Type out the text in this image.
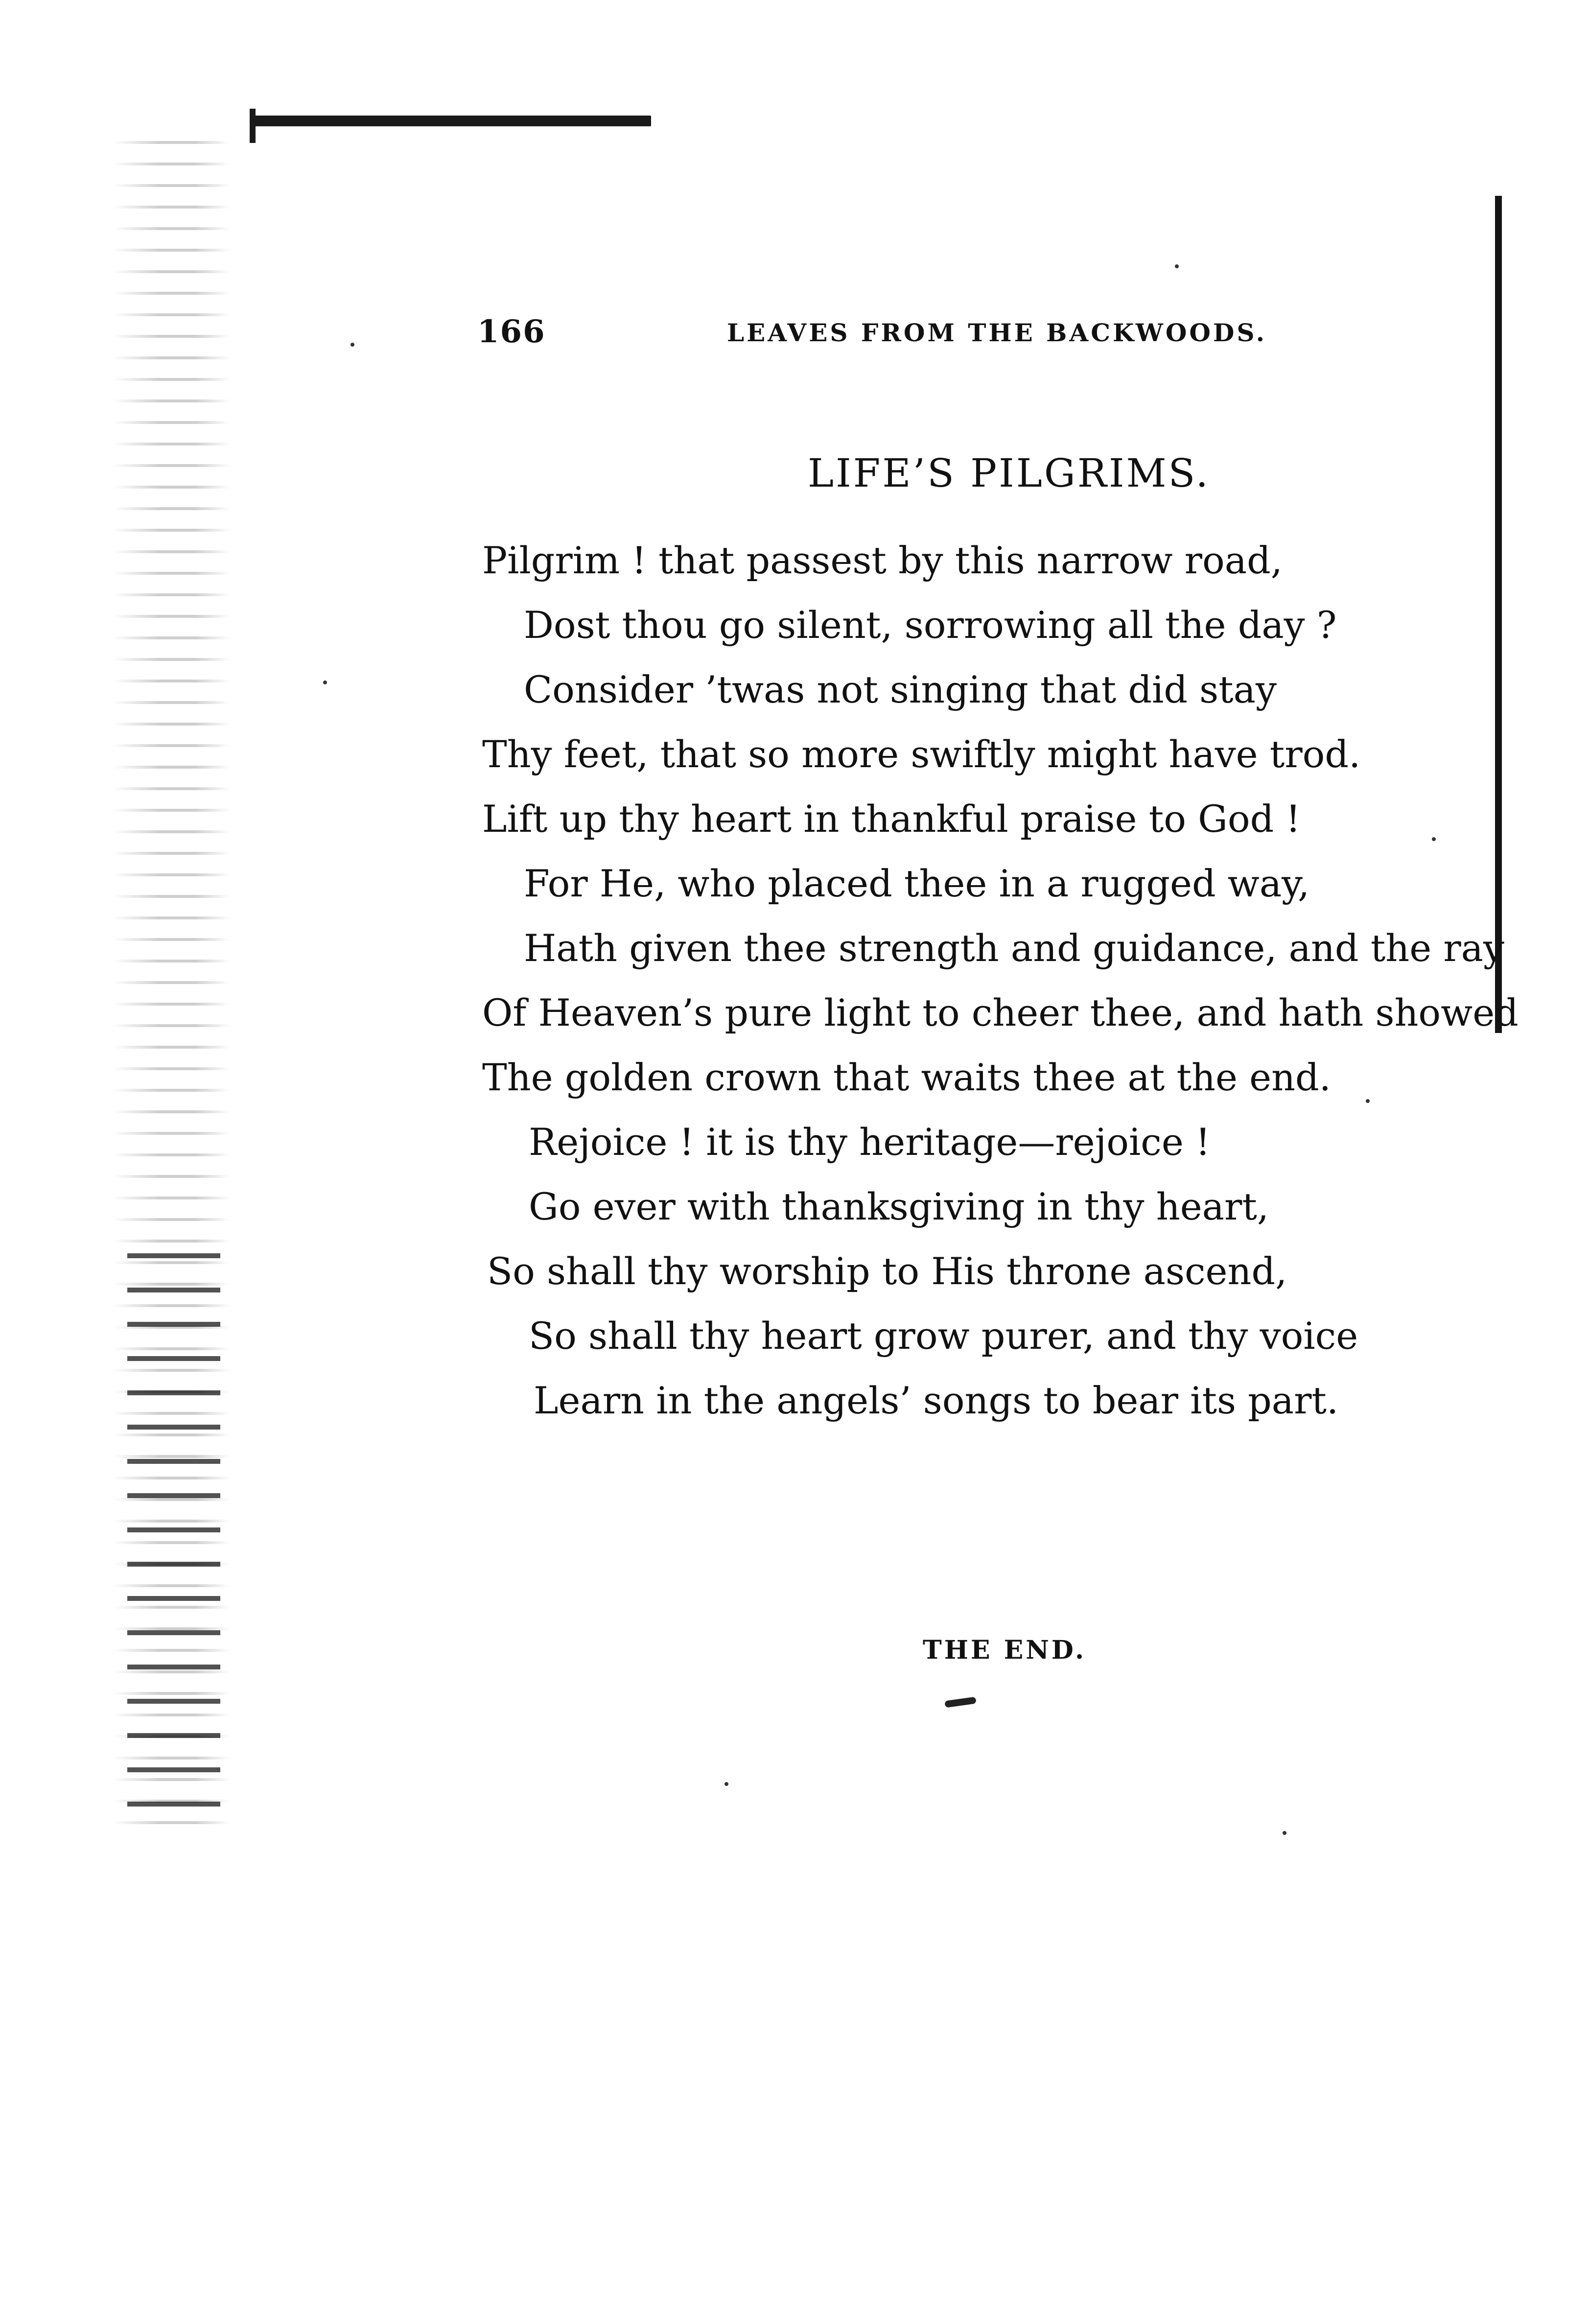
166	LEAVES FROM THE BACKWOODS.
LIFE’S PILGRIMS.
Pilgrim ! that passest by this narrow road,
Dost thou go silent, sorrowing all the day ?
Consider ’twas not singing that did stay
Thy feet, that so more swiftly might have trod.
Lift up thy heart in thankful praise to God !
For He, who placed thee in a rugged way,
Hath given thee strength and guidance, and the ray
Of Heaven’s pure light to cheer thee, and hath showed
The golden crown that waits thee at the end.
Rejoice ! it is thy heritage—rejoice !
Go ever with thanksgiving in thy heart,
So shall thy worship to His throne ascend,
So shall thy heart grow purer, and thy voice
Learn in the angels’ songs to bear its part.
THE END.
